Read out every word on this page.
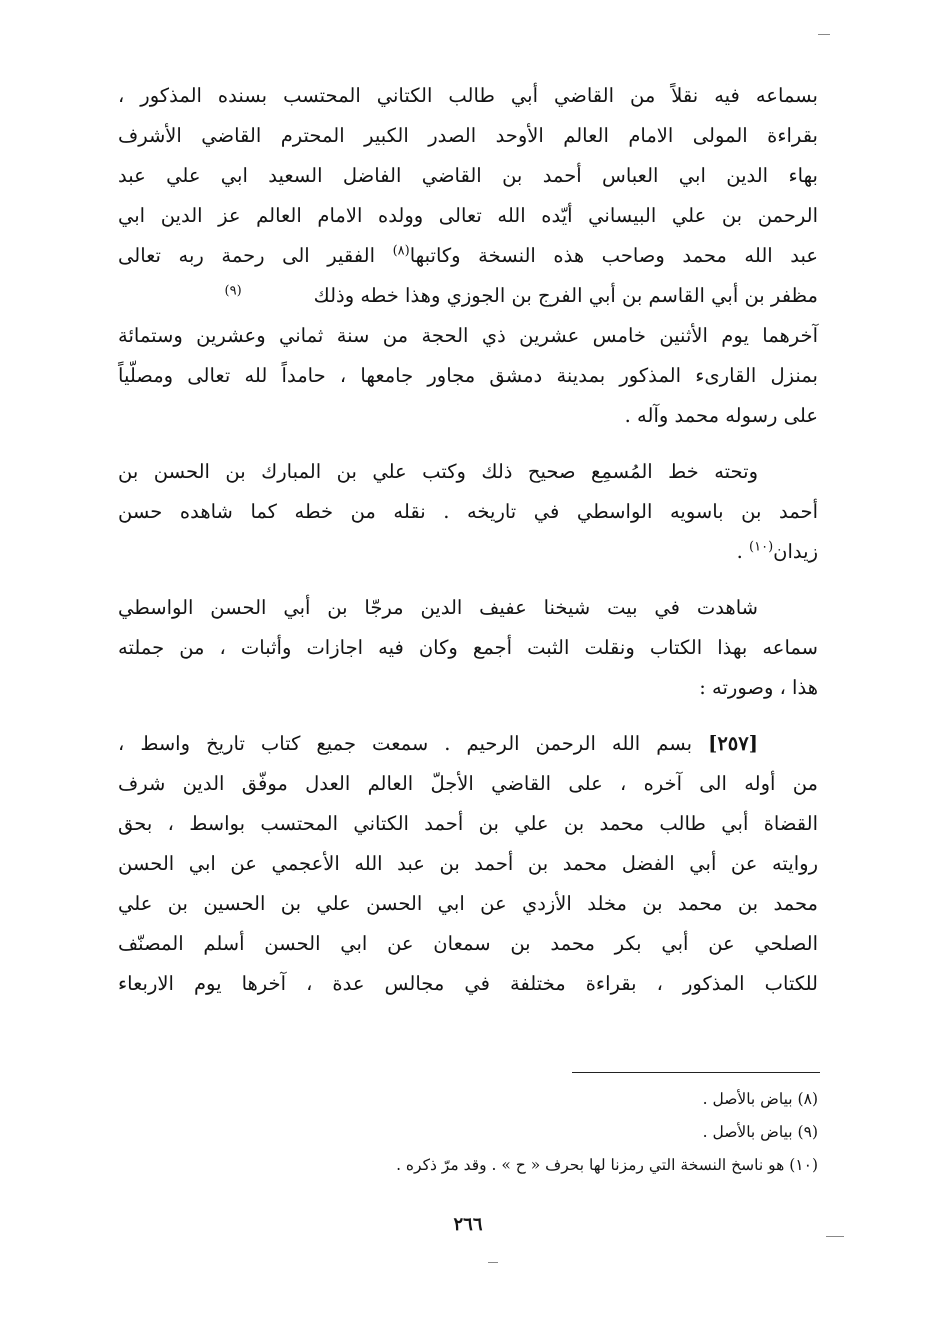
بسماعه فيه نقلاً من القاضي أبي طالب الكتاني المحتسب بسنده المذكور ،
بقراءة المولى الامام العالم الأوحد الصدر الكبير المحترم القاضي الأشرف
بهاء الدين ابي العباس أحمد بن القاضي الفاضل السعيد ابي علي عبد
الرحمن بن علي البيساني أيّده الله تعالى وولده الامام العالم عز الدين ابي
عبد الله محمد وصاحب هذه النسخة وكاتبها$^{(٨)}$ الفقير الى رحمة ربه تعالى
مظفر بن أبي القاسم بن أبي الفرج بن الجوزي وهذا خطه وذلك$^{(٩)}$
آخرهما يوم الأثنين خامس عشرين ذي الحجة من سنة ثماني وعشرين وستمائة
بمنزل القارىء المذكور بمدينة دمشق مجاور جامعها ، حامداً لله تعالى ومصلّياً
على رسوله محمد وآله .

وتحته خط المُسمِع صحيح ذلك وكتب علي بن المبارك بن الحسن بن
أحمد بن باسويه الواسطي في تاريخه . نقله من خطه كما شاهده حسن
زيدان$^{(١٠)}$ .

شاهدت في بيت شيخنا عفيف الدين مرجّا بن أبي الحسن الواسطي
سماعه بهذا الكتاب ونقلت الثبت أجمع وكان فيه اجازات وأثبات ، من جملته
هذا ، وصورته :

[٢٥٧] بسم الله الرحمن الرحيم . سمعت جميع كتاب تاريخ واسط ،
من أوله الى آخره ، على القاضي الأجلّ العالم العدل موفّق الدين شرف
القضاة أبي طالب محمد بن علي بن أحمد الكتاني المحتسب بواسط ، بحق
روايته عن أبي الفضل محمد بن أحمد بن عبد الله الأعجمي عن ابي الحسن
محمد بن محمد بن مخلد الأزدي عن ابي الحسن علي بن الحسين بن علي
الصلحي عن أبي بكر محمد بن سمعان عن ابي الحسن أسلم المصنّف
للكتاب المذكور ، بقراءة مختلفة في مجالس عدة ، آخرها يوم الاربعاء

(٨) بياض بالأصل .
(٩) بياض بالأصل .
(١٠) هو ناسخ النسخة التي رمزنا لها بحرف « ح » . وقد مرّ ذكره .
٢٦٦
